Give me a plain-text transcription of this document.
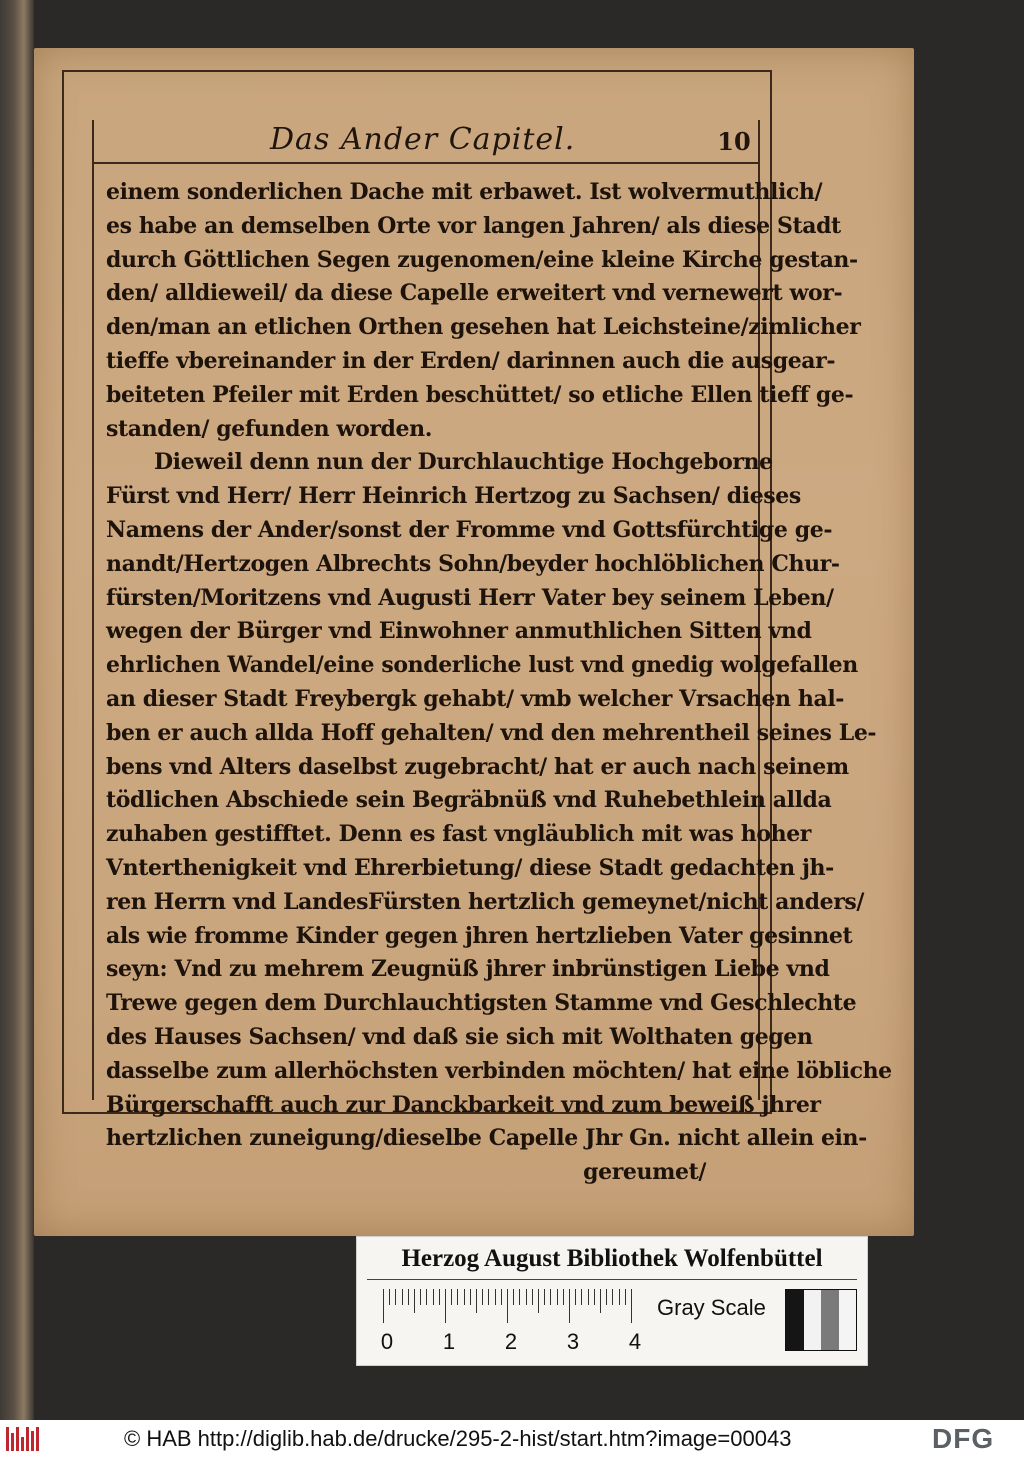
Das Ander Capitel.	10
einem sonderlichen Dache mit erbawet. Ist wolvermuthlich/
es habe an demselben Orte vor langen Jahren/ als diese Stadt
durch Göttlichen Segen zugenomen/eine kleine Kirche gestan-
den/ alldieweil/ da diese Capelle erweitert vnd vernewert wor-
den/man an etlichen Orthen gesehen hat Leichsteine/zimlicher
tieffe vbereinander in der Erden/ darinnen auch die ausgear-
beiteten Pfeiler mit Erden beschüttet/ so etliche Ellen tieff ge-
standen/ gefunden worden.
Dieweil denn nun der Durchlauchtige Hochgeborne
Fürst vnd Herr/ Herr Heinrich Hertzog zu Sachsen/ dieses
Namens der Ander/sonst der Fromme vnd Gottsfürchtige ge-
nandt/Hertzogen Albrechts Sohn/beyder hochlöblichen Chur-
fürsten/Moritzens vnd Augusti Herr Vater bey seinem Leben/
wegen der Bürger vnd Einwohner anmuthlichen Sitten vnd
ehrlichen Wandel/eine sonderliche lust vnd gnedig wolgefallen
an dieser Stadt Freybergk gehabt/ vmb welcher Vrsachen hal-
ben er auch allda Hoff gehalten/ vnd den mehrentheil seines Le-
bens vnd Alters daselbst zugebracht/ hat er auch nach seinem
tödlichen Abschiede sein Begräbnüß vnd Ruhebethlein allda
zuhaben gestifftet. Denn es fast vngläublich mit was hoher
Vnterthenigkeit vnd Ehrerbietung/ diese Stadt gedachten jh-
ren Herrn vnd LandesFürsten hertzlich gemeynet/nicht anders/
als wie fromme Kinder gegen jhren hertzlieben Vater gesinnet
seyn: Vnd zu mehrem Zeugnüß jhrer inbrünstigen Liebe vnd
Trewe gegen dem Durchlauchtigsten Stamme vnd Geschlechte
des Hauses Sachsen/ vnd daß sie sich mit Wolthaten gegen
dasselbe zum allerhöchsten verbinden möchten/ hat eine löbliche
Bürgerschafft auch zur Danckbarkeit vnd zum beweiß jhrer
hertzlichen zuneigung/dieselbe Capelle Jhr Gn. nicht allein ein-
gereumet/
Herzog August Bibliothek Wolfenbüttel
0 1 2 3 4
Gray Scale
© HAB http://diglib.hab.de/drucke/295-2-hist/start.htm?image=00043	DFG
